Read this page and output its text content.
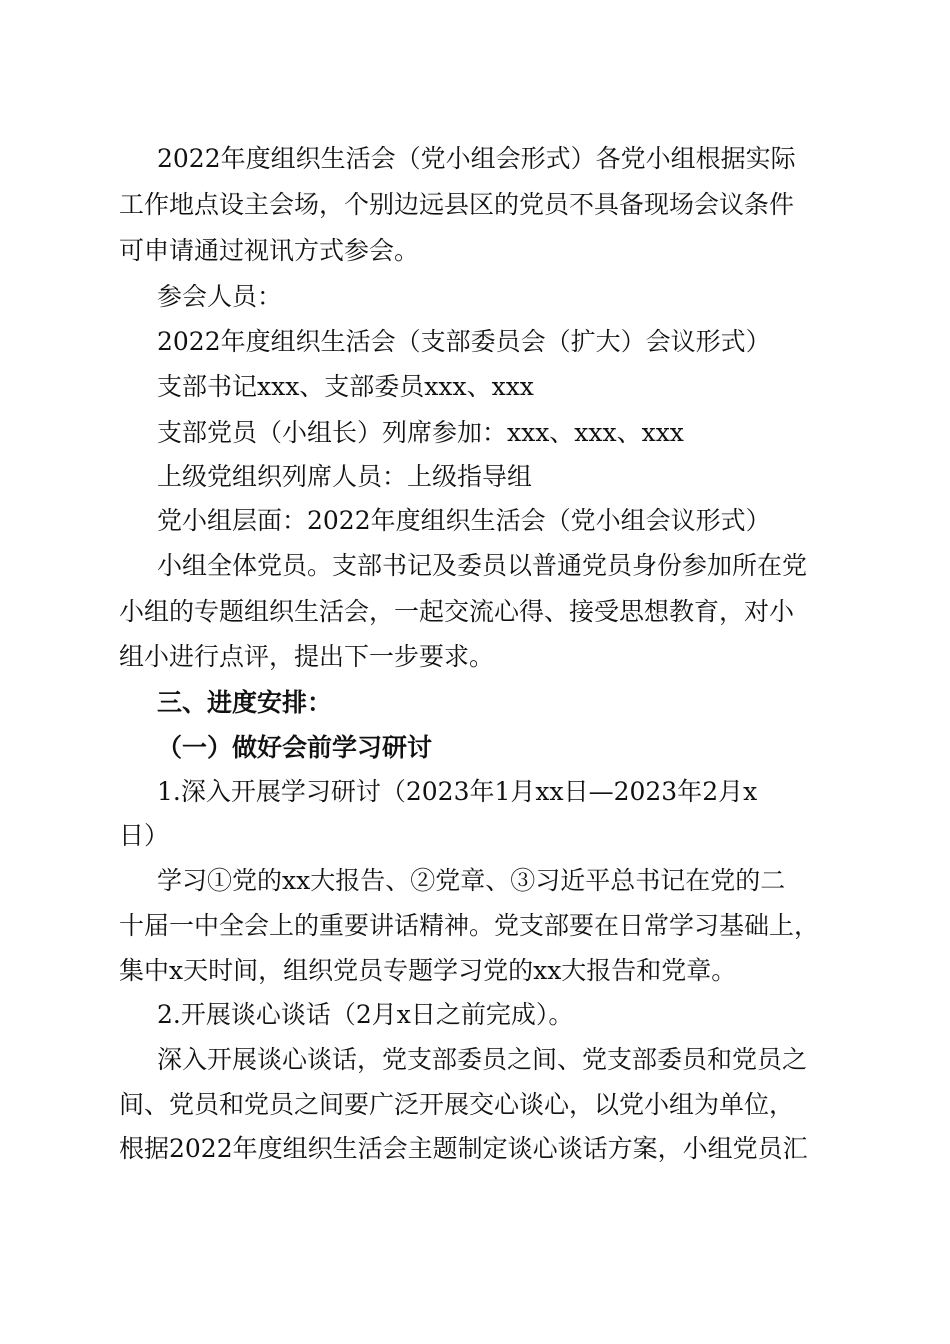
2022年度组织生活会（党小组会形式）各党小组根据实际
工作地点设主会场，个别边远县区的党员不具备现场会议条件
可申请通过视讯方式参会。
参会人员：
2022年度组织生活会（支部委员会（扩大）会议形式）
支部书记xxx、支部委员xxx、xxx
支部党员（小组长）列席参加：xxx、xxx、xxx
上级党组织列席人员：上级指导组
党小组层面：2022年度组织生活会（党小组会议形式）
小组全体党员。支部书记及委员以普通党员身份参加所在党
小组的专题组织生活会，一起交流心得、接受思想教育，对小
组小进行点评，提出下一步要求。
三、进度安排：
（一）做好会前学习研讨
1.深入开展学习研讨（2023年1月xx日—2023年2月x
日）
学习①党的xx大报告、②党章、③习近平总书记在党的二
十届一中全会上的重要讲话精神。党支部要在日常学习基础上，
集中x天时间，组织党员专题学习党的xx大报告和党章。
2.开展谈心谈话（2月x日之前完成）。
深入开展谈心谈话，党支部委员之间、党支部委员和党员之
间、党员和党员之间要广泛开展交心谈心，以党小组为单位，
根据2022年度组织生活会主题制定谈心谈话方案，小组党员汇
